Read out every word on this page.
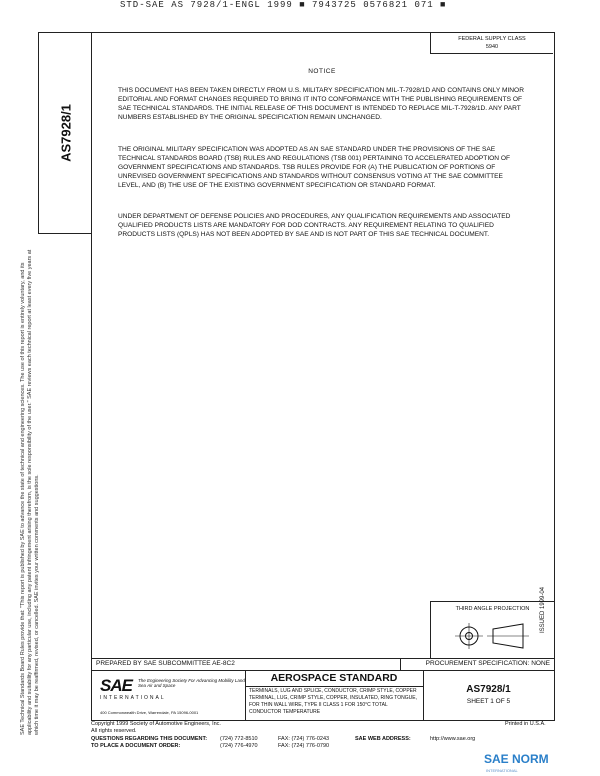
STD-SAE AS 7928/1-ENGL 1999 ■ 7943725 0576821 071 ■
AS7928/1
SAE Technical Standards Board Rules provide that: "This report is published by SAE to advance the state of technical and engineering sciences. The use of this report is entirely voluntary, and its applicability and suitability for any particular use, including any patent infringement arising therefrom, is the sole responsibility of the user." SAE reviews each technical report at least every five years at which time it may be reaffirmed, revised, or cancelled. SAE invites your written comments and suggestions.
FEDERAL SUPPLY CLASS
5940
NOTICE
THIS DOCUMENT HAS BEEN TAKEN DIRECTLY FROM U.S. MILITARY SPECIFICATION MIL-T-7928/1D AND CONTAINS ONLY MINOR EDITORIAL AND FORMAT CHANGES REQUIRED TO BRING IT INTO CONFORMANCE WITH THE PUBLISHING REQUIREMENTS OF SAE TECHNICAL STANDARDS. THE INITIAL RELEASE OF THIS DOCUMENT IS INTENDED TO REPLACE MIL-T-7928/1D. ANY PART NUMBERS ESTABLISHED BY THE ORIGINAL SPECIFICATION REMAIN UNCHANGED.
THE ORIGINAL MILITARY SPECIFICATION WAS ADOPTED AS AN SAE STANDARD UNDER THE PROVISIONS OF THE SAE TECHNICAL STANDARDS BOARD (TSB) RULES AND REGULATIONS (TSB 001) PERTAINING TO ACCELERATED ADOPTION OF GOVERNMENT SPECIFICATIONS AND STANDARDS. TSB RULES PROVIDE FOR (A) THE PUBLICATION OF PORTIONS OF UNREVISED GOVERNMENT SPECIFICATIONS AND STANDARDS WITHOUT CONSENSUS VOTING AT THE SAE COMMITTEE LEVEL, AND (B) THE USE OF THE EXISTING GOVERNMENT SPECIFICATION OR STANDARD FORMAT.
UNDER DEPARTMENT OF DEFENSE POLICIES AND PROCEDURES, ANY QUALIFICATION REQUIREMENTS AND ASSOCIATED QUALIFIED PRODUCTS LISTS ARE MANDATORY FOR DOD CONTRACTS. ANY REQUIREMENT RELATING TO QUALIFIED PRODUCTS LISTS (QPLS) HAS NOT BEEN ADOPTED BY SAE AND IS NOT PART OF THIS SAE TECHNICAL DOCUMENT.
THIRD ANGLE PROJECTION	ISSUED 1999-04
PREPARED BY SAE SUBCOMMITTEE AE-8C2	PROCUREMENT SPECIFICATION: NONE
SAE The Engineering Society For Advancing Mobility Land Sea Air and Space
INTERNATIONAL
400 Commonwealth Drive, Warrendale, PA 15096-0001
AEROSPACE STANDARD
TERMINALS, LUG AND SPLICE, CONDUCTOR, CRIMP STYLE, COPPER TERMINAL, LUG, CRIMP STYLE, COPPER, INSULATED, RING TONGUE, FOR THIN WALL WIRE, TYPE II CLASS 1 FOR 150°C TOTAL CONDUCTOR TEMPERATURE
AS7928/1
SHEET 1 OF 5
Copyright 1999 Society of Automotive Engineers, Inc.
All rights reserved.
Printed in U.S.A.
QUESTIONS REGARDING THIS DOCUMENT: (724) 772-8510	FAX: (724) 776-0243
TO PLACE A DOCUMENT ORDER:	(724) 776-4970	FAX: (724) 776-0790
SAE WEB ADDRESS:	http://www.sae.org
SAE NORM
INTERNATIONAL
